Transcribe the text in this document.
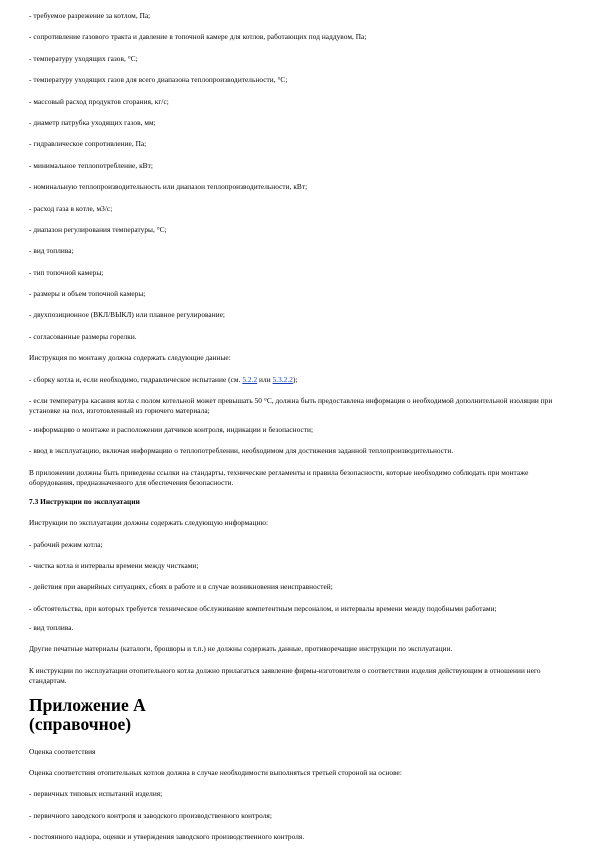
- требуемое разрежение за котлом, Па;

- сопротивление газового тракта и давление в топочной камере для котлов, работающих под наддувом, Па;

- температуру уходящих газов, °С;

- температуру уходящих газов для всего диапазона теплопроизводительности, °С;

- массовый расход продуктов сгорания, кг/с;

- диаметр патрубка уходящих газов, мм;

- гидравлическое сопротивление, Па;

- минимальное теплопотребление, кВт;

- номинальную теплопроизводительность или диапазон теплопроизводительности, кВт;

- расход газа в котле, м3/с;

- диапазон регулирования температуры, °С;

- вид топлива;

- тип топочной камеры;

- размеры и объем топочной камеры;

- двухпозиционное (ВКЛ/ВЫКЛ) или плавное регулирование;

- согласованные размеры горелки.

Инструкция по монтажу должна содержать следующие данные:

- сборку котла и, если необходимо, гидравлическое испытание (см. 5.2.2 или 5.3.2.2);

- если температура касания котла с полом котельной может превышать 50 °С, должна быть предоставлена информация о необходимой дополнительной изоляции при установке на пол, изготовленный из горючего материала;

- информацию о монтаже и расположении датчиков контроля, индикации и безопасности;

- ввод в эксплуатацию, включая информацию о теплопотреблении, необходимом для достижения заданной теплопроизводительности.

В приложении должны быть приведены ссылки на стандарты, технические регламенты и правила безопасности, которые необходимо соблюдать при монтаже оборудования, предназначенного для обеспечения безопасности.

7.3 Инструкции по эксплуатации

Инструкции по эксплуатации должны содержать следующую информацию:

- рабочий режим котла;

- чистка котла и интервалы времени между чистками;

- действия при аварийных ситуациях, сбоях в работе и в случае возникновения неисправностей;

- обстоятельства, при которых требуется техническое обслуживание компетентным персоналом, и интервалы времени между подобными работами;

- вид топлива.

Другие печатные материалы (каталоги, брошюры и т.п.) не должны содержать данные, противоречащие инструкции по эксплуатации.

К инструкции по эксплуатации отопительного котла должно прилагаться заявление фирмы-изготовителя о соответствии изделия действующим в отношении него стандартам.

Приложение А
(справочное)

Оценка соответствия

Оценка соответствия отопительных котлов должна в случае необходимости выполняться третьей стороной на основе:

- первичных типовых испытаний изделия;

- первичного заводского контроля и заводского производственного контроля;

- постоянного надзора, оценки и утверждения заводского производственного контроля.
